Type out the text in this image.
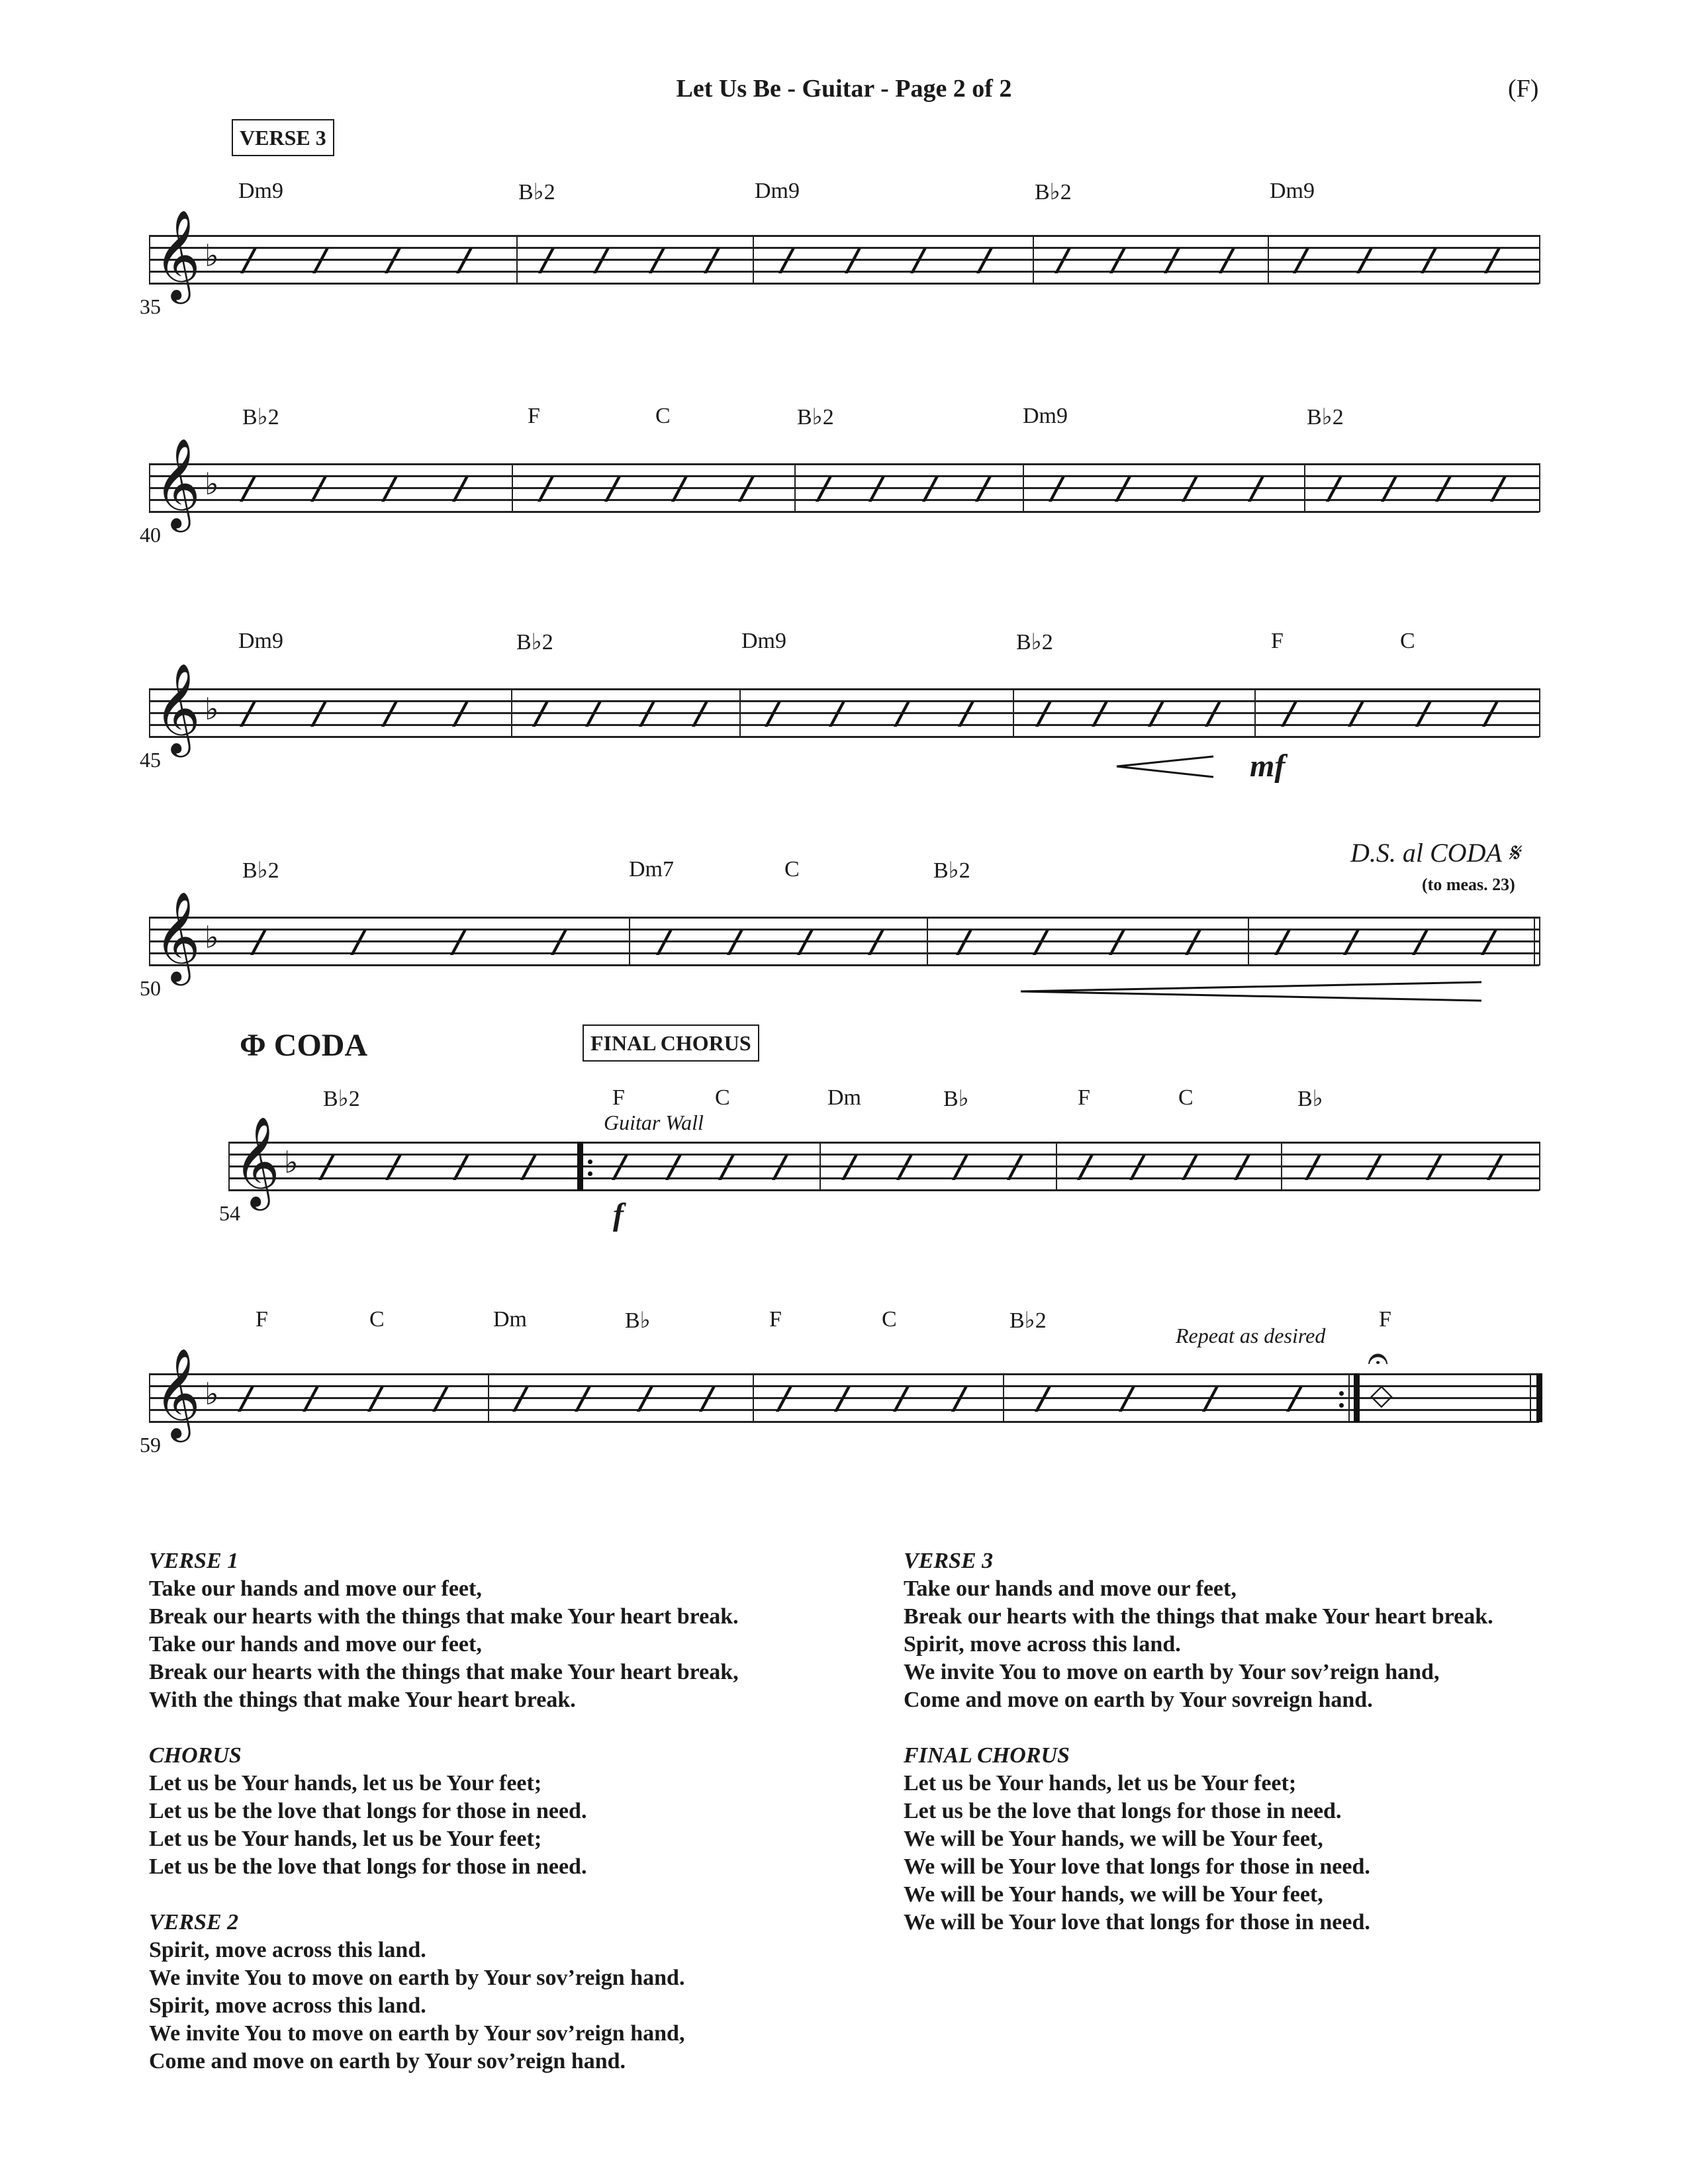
Let Us Be - Guitar - Page 2 of 2	(F)
VERSE 3
𝄞 ♭
35
Dm9	B♭2	Dm9	B♭2	Dm9
𝄞 ♭
40
B♭2	F	C	B♭2	Dm9	B♭2
𝄞 ♭
45
Dm9	B♭2	Dm9	B♭2	F	C
𝄞 ♭
50
B♭2	Dm7	C	B♭2
𝄞 ♭
54
B♭2	F	C	Dm	B♭	F	C	B♭
𝄞 ♭
59
F	C	Dm	B♭	F	C	B♭2	F
mf
D.S. al CODA 𝄋
(to meas. 23)
Φ CODA	FINAL CHORUS
Guitar Wall
f
Repeat as desired
𝄐
◇
VERSE 1
Take our hands and move our feet,
Break our hearts with the things that make Your heart break.
Take our hands and move our feet,
Break our hearts with the things that make Your heart break,
With the things that make Your heart break.
CHORUS
Let us be Your hands, let us be Your feet;
Let us be the love that longs for those in need.
Let us be Your hands, let us be Your feet;
Let us be the love that longs for those in need.
VERSE 2
Spirit, move across this land.
We invite You to move on earth by Your sov’reign hand.
Spirit, move across this land.
We invite You to move on earth by Your sov’reign hand,
Come and move on earth by Your sov’reign hand.
VERSE 3
Take our hands and move our feet,
Break our hearts with the things that make Your heart break.
Spirit, move across this land.
We invite You to move on earth by Your sov’reign hand,
Come and move on earth by Your sovreign hand.
FINAL CHORUS
Let us be Your hands, let us be Your feet;
Let us be the love that longs for those in need.
We will be Your hands, we will be Your feet,
We will be Your love that longs for those in need.
We will be Your hands, we will be Your feet,
We will be Your love that longs for those in need.
